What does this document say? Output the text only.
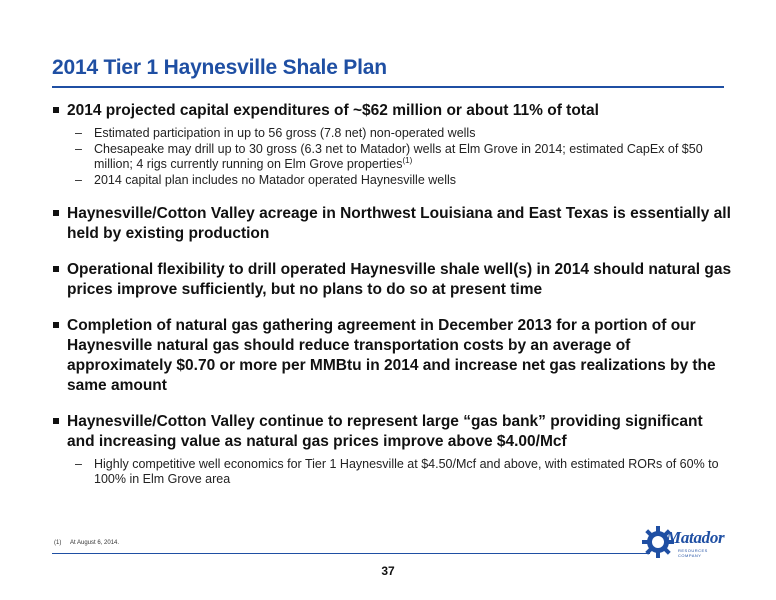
2014 Tier 1 Haynesville Shale Plan
2014 projected capital expenditures of ~$62 million or about 11% of total
– Estimated participation in up to 56 gross (7.8 net) non-operated wells
– Chesapeake may drill up to 30 gross (6.3 net to Matador) wells at Elm Grove in 2014; estimated CapEx of $50 million; 4 rigs currently running on Elm Grove properties$^{(1)}$
– 2014 capital plan includes no Matador operated Haynesville wells
Haynesville/Cotton Valley acreage in Northwest Louisiana and East Texas is essentially all held by existing production
Operational flexibility to drill operated Haynesville shale well(s) in 2014 should natural gas prices improve sufficiently, but no plans to do so at present time
Completion of natural gas gathering agreement in December 2013 for a portion of our Haynesville natural gas should reduce transportation costs by an average of approximately $0.70 or more per MMBtu in 2014 and increase net gas realizations by the same amount
Haynesville/Cotton Valley continue to represent large “gas bank” providing significant and increasing value as natural gas prices improve above $4.00/Mcf
– Highly competitive well economics for Tier 1 Haynesville at $4.50/Mcf and above, with estimated RORs of 60% to 100% in Elm Grove area
(1) At August 6, 2014.	Matador
RESOURCES COMPANY
37
